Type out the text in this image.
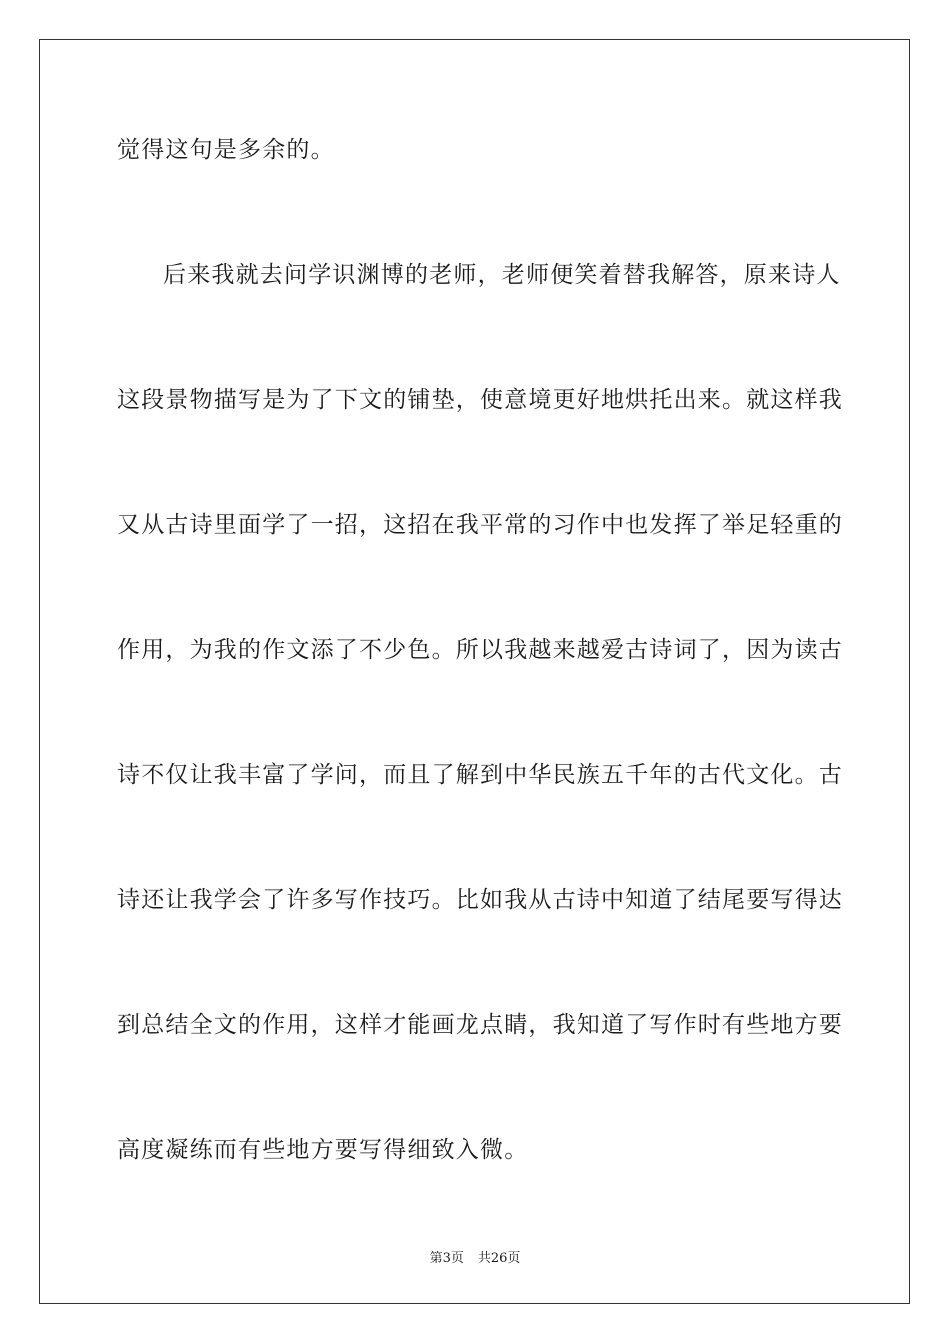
觉得这句是多余的。

后来我就去问学识渊博的老师，老师便笑着替我解答，原来诗人

这段景物描写是为了下文的铺垫，使意境更好地烘托出来。就这样我

又从古诗里面学了一招，这招在我平常的习作中也发挥了举足轻重的

作用，为我的作文添了不少色。所以我越来越爱古诗词了，因为读古

诗不仅让我丰富了学问，而且了解到中华民族五千年的古代文化。古

诗还让我学会了许多写作技巧。比如我从古诗中知道了结尾要写得达

到总结全文的作用，这样才能画龙点睛，我知道了写作时有些地方要

高度凝练而有些地方要写得细致入微。

第3页 共26页
